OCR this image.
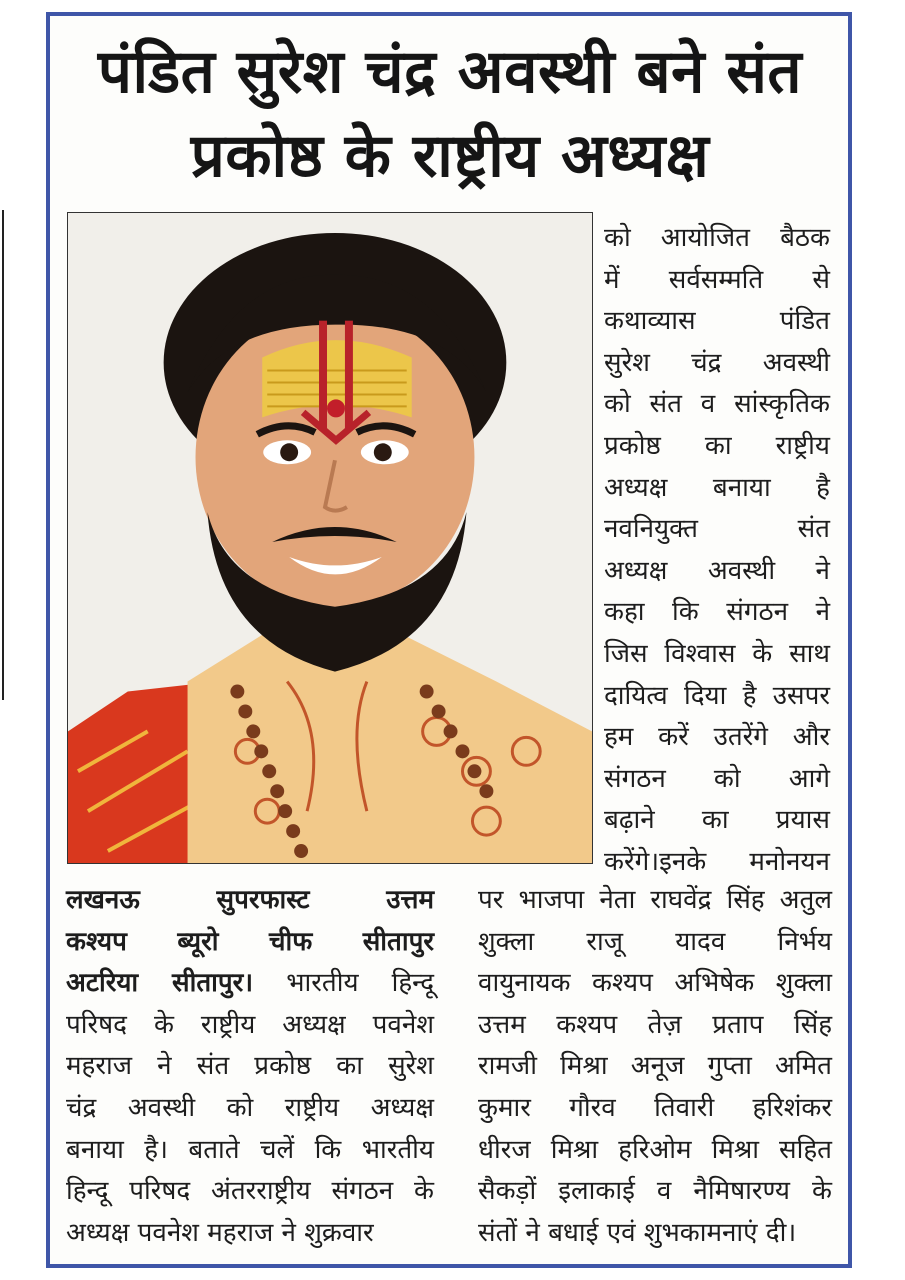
पंडित सुरेश चंद्र अवस्थी बने संत प्रकोष्ठ के राष्ट्रीय अध्यक्ष
को आयोजित बैठक
में सर्वसम्मति से
कथाव्यास पंडित
सुरेश चंद्र अवस्थी
को संत व सांस्कृतिक
प्रकोष्ठ का राष्ट्रीय
अध्यक्ष बनाया है
नवनियुक्त संत
अध्यक्ष अवस्थी ने
कहा कि संगठन ने
जिस विश्वास के साथ
दायित्व दिया है उसपर
हम करें उतरेंगे और
संगठन को आगे
बढ़ाने का प्रयास
करेंगे।इनके मनोनयन
लखनऊ सुपरफास्ट उत्तम
कश्यप ब्यूरो चीफ सीतापुर
अटरिया सीतापुर। भारतीय हिन्दू
परिषद के राष्ट्रीय अध्यक्ष पवनेश
महराज ने संत प्रकोष्ठ का सुरेश
चंद्र अवस्थी को राष्ट्रीय अध्यक्ष
बनाया है। बताते चलें कि भारतीय
हिन्दू परिषद अंतरराष्ट्रीय संगठन के
अध्यक्ष पवनेश महराज ने शुक्रवार
पर भाजपा नेता राघवेंद्र सिंह अतुल
शुक्ला राजू यादव निर्भय
वायुनायक कश्यप अभिषेक शुक्ला
उत्तम कश्यप तेज़ प्रताप सिंह
रामजी मिश्रा अनूज गुप्ता अमित
कुमार गौरव तिवारी हरिशंकर
धीरज मिश्रा हरिओम मिश्रा सहित
सैकड़ों इलाकाई व नैमिषारण्य के
संतों ने बधाई एवं शुभकामनाएं दी।
